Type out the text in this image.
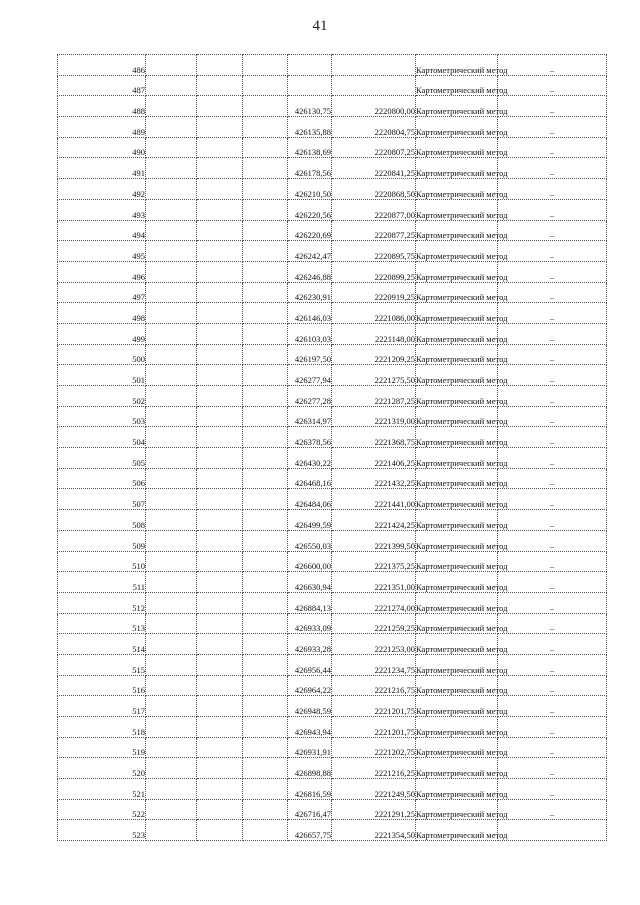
41
486						Картометрический метод	–
487						Картометрический метод	–
488				426130,75	2220800,00	Картометрический метод	–
489				426135,88	2220804,75	Картометрический метод	–
490				426138,69	2220807,25	Картометрический метод	–
491				426178,56	2220841,25	Картометрический метод	–
492				426210,50	2220868,50	Картометрический метод	–
493				426220,56	2220877,00	Картометрический метод	–
494				426220,69	2220877,25	Картометрический метод	–
495				426242,47	2220895,75	Картометрический метод	–
496				426246,88	2220899,25	Картометрический метод	–
497				426230,91	2220919,25	Картометрический метод	–
498				426146,03	2221086,00	Картометрический метод	–
499				426103,03	2221148,00	Картометрический метод	–
500				426197,50	2221209,25	Картометрический метод	–
501				426277,94	2221275,50	Картометрический метод	–
502				426277,28	2221287,25	Картометрический метод	–
503				426314,97	2221319,00	Картометрический метод	–
504				426378,56	2221368,75	Картометрический метод	–
505				426430,22	2221406,25	Картометрический метод	–
506				426468,16	2221432,25	Картометрический метод	–
507				426484,06	2221441,00	Картометрический метод	–
508				426499,59	2221424,25	Картометрический метод	–
509				426550,03	2221399,50	Картометрический метод	–
510				426600,00	2221375,25	Картометрический метод	–
511				426630,94	2221351,00	Картометрический метод	–
512				426884,13	2221274,00	Картометрический метод	–
513				426933,09	2221259,25	Картометрический метод	–
514				426933,28	2221253,00	Картометрический метод	–
515				426956,44	2221234,75	Картометрический метод	–
516				426964,22	2221216,75	Картометрический метод	–
517				426948,59	2221201,75	Картометрический метод	–
518				426943,94	2221201,75	Картометрический метод	–
519				426931,91	2221202,75	Картометрический метод	–
520				426898,88	2221216,25	Картометрический метод	–
521				426816,59	2221249,50	Картометрический метод	–
522				426716,47	2221291,25	Картометрический метод	–
523				426657,75	2221354,50	Картометрический метод	
